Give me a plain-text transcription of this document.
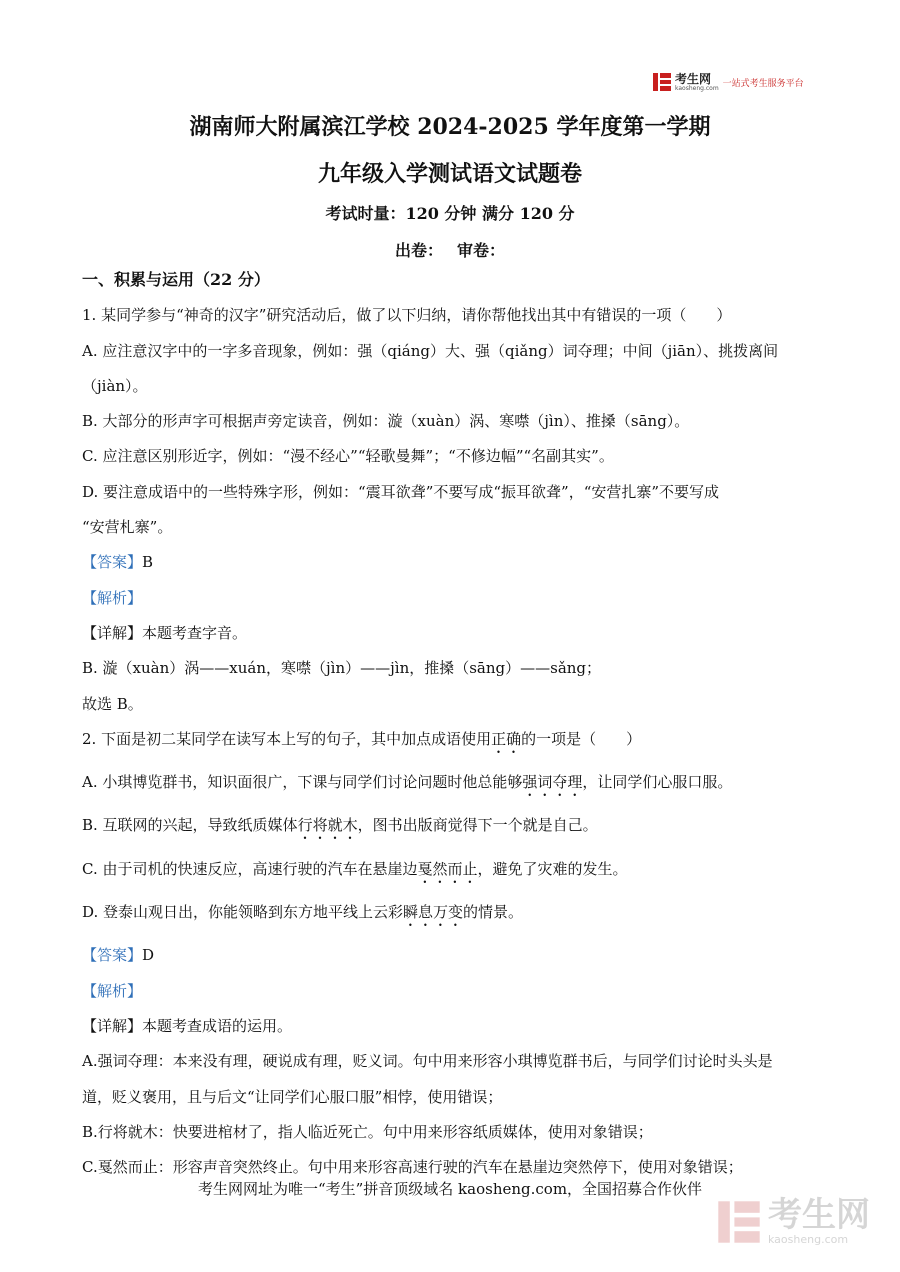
考生网
kaosheng.com 一站式考生服务平台
湖南师大附属滨江学校 2024-2025 学年度第一学期
九年级入学测试语文试题卷
考试时量：120 分钟 满分 120 分
出卷： 审卷：

一、积累与运用（22 分）

1. 某同学参与“神奇的汉字”研究活动后，做了以下归纳，请你帮他找出其中有错误的一项（　　）

A. 应注意汉字中的一字多音现象，例如：强（qiáng）大、强（qiǎng）词夺理；中间（jiān）、挑拨离间

（jiàn）。

B. 大部分的形声字可根据声旁定读音，例如：漩（xuàn）涡、寒噤（jìn）、推搡（sāng）。

C. 应注意区别形近字，例如：“漫不经心”“轻歌曼舞”；“不修边幅”“名副其实”。

D. 要注意成语中的一些特殊字形，例如：“震耳欲聋”不要写成“振耳欲聋”，“安营扎寨”不要写成

“安营札寨”。

【答案】B

【解析】

【详解】本题考查字音。

B. 漩（xuàn）涡——xuán，寒噤（jìn）——jìn，推搡（sāng）——sǎng；

故选 B。

2. 下面是初二某同学在读写本上写的句子，其中加点成语使用正确的一项是（　　）

A. 小琪博览群书，知识面很广，下课与同学们讨论问题时他总能够强词夺理，让同学们心服口服。

B. 互联网的兴起，导致纸质媒体行将就木，图书出版商觉得下一个就是自己。

C. 由于司机的快速反应，高速行驶的汽车在悬崖边戛然而止，避免了灾难的发生。

D. 登泰山观日出，你能领略到东方地平线上云彩瞬息万变的情景。

【答案】D

【解析】

【详解】本题考查成语的运用。

A.强词夺理：本来没有理，硬说成有理，贬义词。句中用来形容小琪博览群书后，与同学们讨论时头头是

道，贬义褒用，且与后文“让同学们心服口服”相悖，使用错误；

B.行将就木：快要进棺材了，指人临近死亡。句中用来形容纸质媒体，使用对象错误；

C.戛然而止：形容声音突然终止。句中用来形容高速行驶的汽车在悬崖边突然停下，使用对象错误；

考生网网址为唯一“考生”拼音顶级域名 kaosheng.com，全国招募合作伙伴
考生网
kaosheng.com
